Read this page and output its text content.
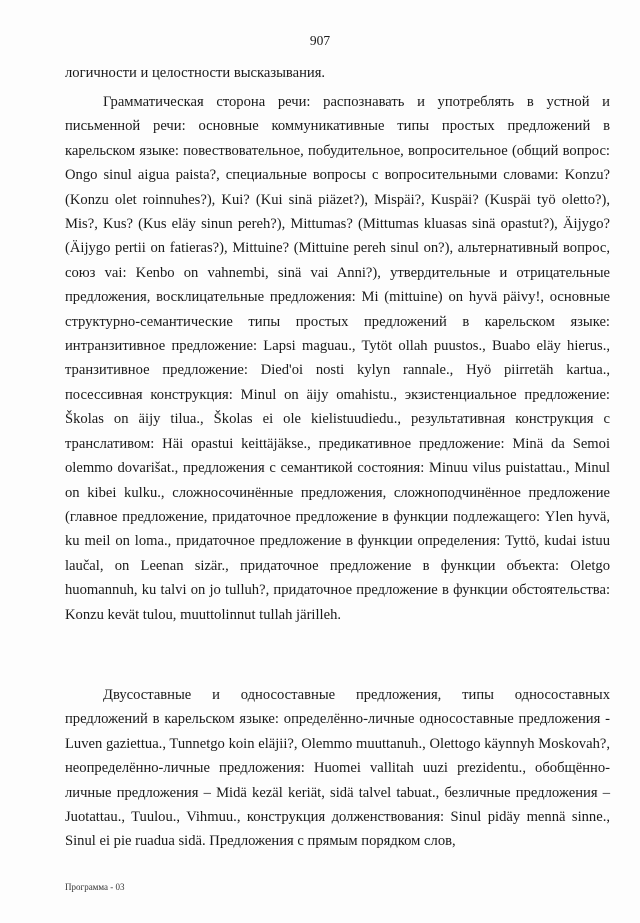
907

логичности и целостности высказывания.

Грамматическая сторона речи: распознавать и употреблять в устной и письменной речи: основные коммуникативные типы простых предложений в карельском языке: повествовательное, побудительное, вопросительное (общий вопрос: Ongo sinul aigua paista?, специальные вопросы с вопросительными словами: Konzu? (Konzu olet roinnuhes?), Kui? (Kui sinä piäzet?), Mispäi?, Kuspäi? (Kuspäi työ oletto?), Mis?, Kus? (Kus eläy sinun pereh?), Mittumas? (Mittumas kluasas sinä opastut?), Äijygo? (Äijygo pertii on fatieras?), Mittuine? (Mittuine pereh sinul on?), альтернативный вопрос, союз vai: Kenbo on vahnembi, sinä vai Anni?), утвердительные и отрицательные предложения, восклицательные предложения: Mi (mittuine) on hyvä päivy!, основные структурно-семантические типы простых предложений в карельском языке: интранзитивное предложение: Lapsi maguau., Tytöt ollah puustos., Buabo eläy hierus., транзитивное предложение: Died'oi nosti kylyn rannale., Hyö piirretäh kartua., посессивная конструкция: Minul on äijy omahistu., экзистенциальное предложение: Školas on äijy tilua., Školas ei ole kielistuudiedu., результативная конструкция с транслативом: Häi opastui keittäjäkse., предикативное предложение: Minä da Semoi olemmo dovarišat., предложения с семантикой состояния: Minuu vilus puistattau., Minul on kibei kulku., сложносочинённые предложения, сложноподчинённое предложение (главное предложение, придаточное предложение в функции подлежащего: Ylen hyvä, ku meil on loma., придаточное предложение в функции определения: Tyttö, kudai istuu laučal, on Leenan sizär., придаточное предложение в функции объекта: Oletgo huomannuh, ku talvi on jo tulluh?, придаточное предложение в функции обстоятельства: Konzu kevät tulou, muuttolinnut tullah järilleh.

Двусоставные и односоставные предложения, типы односоставных предложений в карельском языке: определённо-личные односоставные предложения -Luven gaziettua., Tunnetgo koin eläjii?, Olemmo muuttanuh., Olettogo käynnyh Moskovah?, неопределённо-личные предложения: Huomei vallitah uuzi prezidentu., обобщённо-личные предложения – Midä kezäl keriät, sidä talvel tabuat., безличные предложения – Juotattau., Tuulou., Vihmuu., конструкция долженствования: Sinul pidäy mennä sinne., Sinul ei pie ruadua sidä. Предложения с прямым порядком слов,

Программа - 03
